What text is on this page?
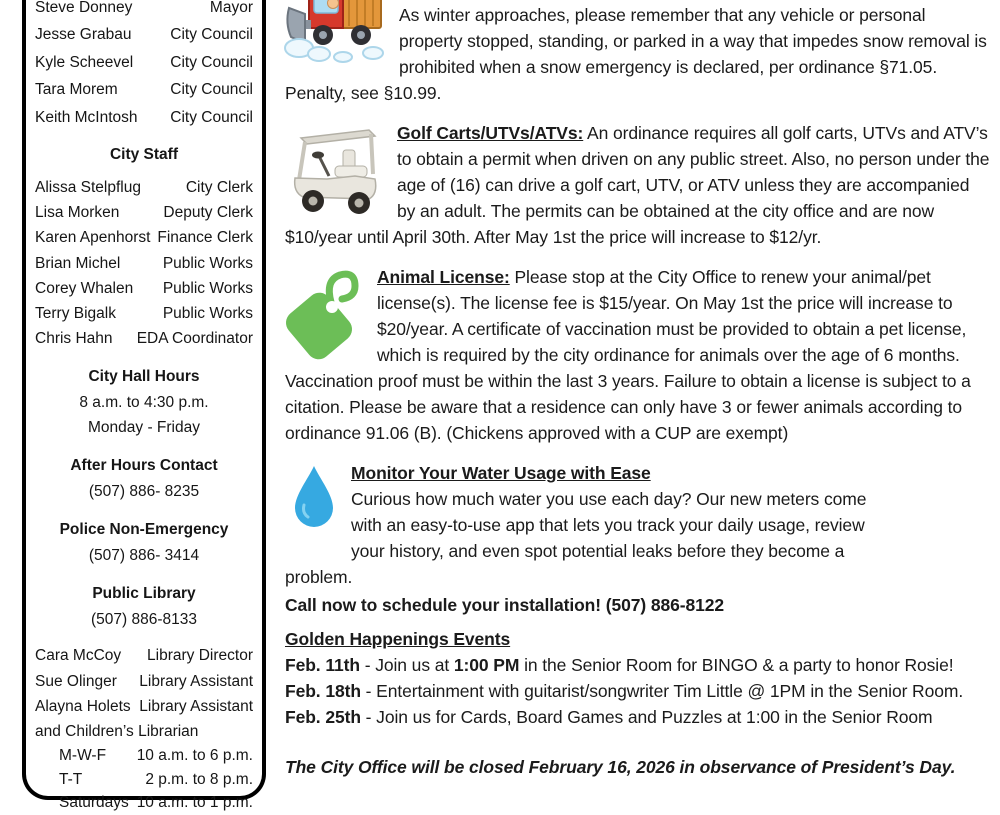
Steve Donney	Mayor
Jesse Grabau	City Council
Kyle Scheevel City Council
Tara Morem	City Council
Keith McIntosh City Council
City Staff
Alissa Stelpflug	City Clerk
Lisa Morken	Deputy Clerk
Karen Apenhorst Finance Clerk
Brian Michel	Public Works
Corey Whalen Public Works
Terry Bigalk	Public Works
Chris Hahn EDA Coordinator
City Hall Hours
8 a.m. to 4:30 p.m.
Monday - Friday
After Hours Contact
(507) 886- 8235
Police Non-Emergency
(507) 886- 3414
Public Library
(507) 886-8133
Cara McCoy Library Director
Sue Olinger Library Assistant
Alayna Holets Library Assistant
and Children’s Librarian
M-W-F 10 a.m. to 6 p.m.
T-T	2 p.m. to 8 p.m.
Saturdays 10 a.m. to 1 p.m.

As winter approaches, please remember that any vehicle or personal property stopped, standing, or parked in a way that impedes snow removal is prohibited when a snow emergency is declared, per ordinance §71.05. Penalty, see §10.99.

Golf Carts/UTVs/ATVs: An ordinance requires all golf carts, UTVs and ATV’s to obtain a permit when driven on any public street. Also, no person under the age of (16) can drive a golf cart, UTV, or ATV unless they are accompanied by an adult. The permits can be obtained at the city office and are now $10/year until April 30th. After May 1st the price will increase to $12/yr.

Animal License: Please stop at the City Office to renew your animal/pet license(s). The license fee is $15/year. On May 1st the price will increase to $20/year. A certificate of vaccination must be provided to obtain a pet license, which is required by the city ordinance for animals over the age of 6 months. Vaccination proof must be within the last 3 years. Failure to obtain a license is subject to a citation. Please be aware that a residence can only have 3 or fewer animals according to ordinance 91.06 (B). (Chickens approved with a CUP are exempt)

Monitor Your Water Usage with Ease

Curious how much water you use each day? Our new meters come with an easy-to-use app that lets you track your daily usage, review your history, and even spot potential leaks before they become a problem.

Call now to schedule your installation! (507) 886-8122

Golden Happenings Events

Feb. 11th - Join us at 1:00 PM in the Senior Room for BINGO & a party to honor Rosie!

Feb. 18th - Entertainment with guitarist/songwriter Tim Little @ 1PM in the Senior Room.

Feb. 25th - Join us for Cards, Board Games and Puzzles at 1:00 in the Senior Room

The City Office will be closed February 16, 2026 in observance of President’s Day.
